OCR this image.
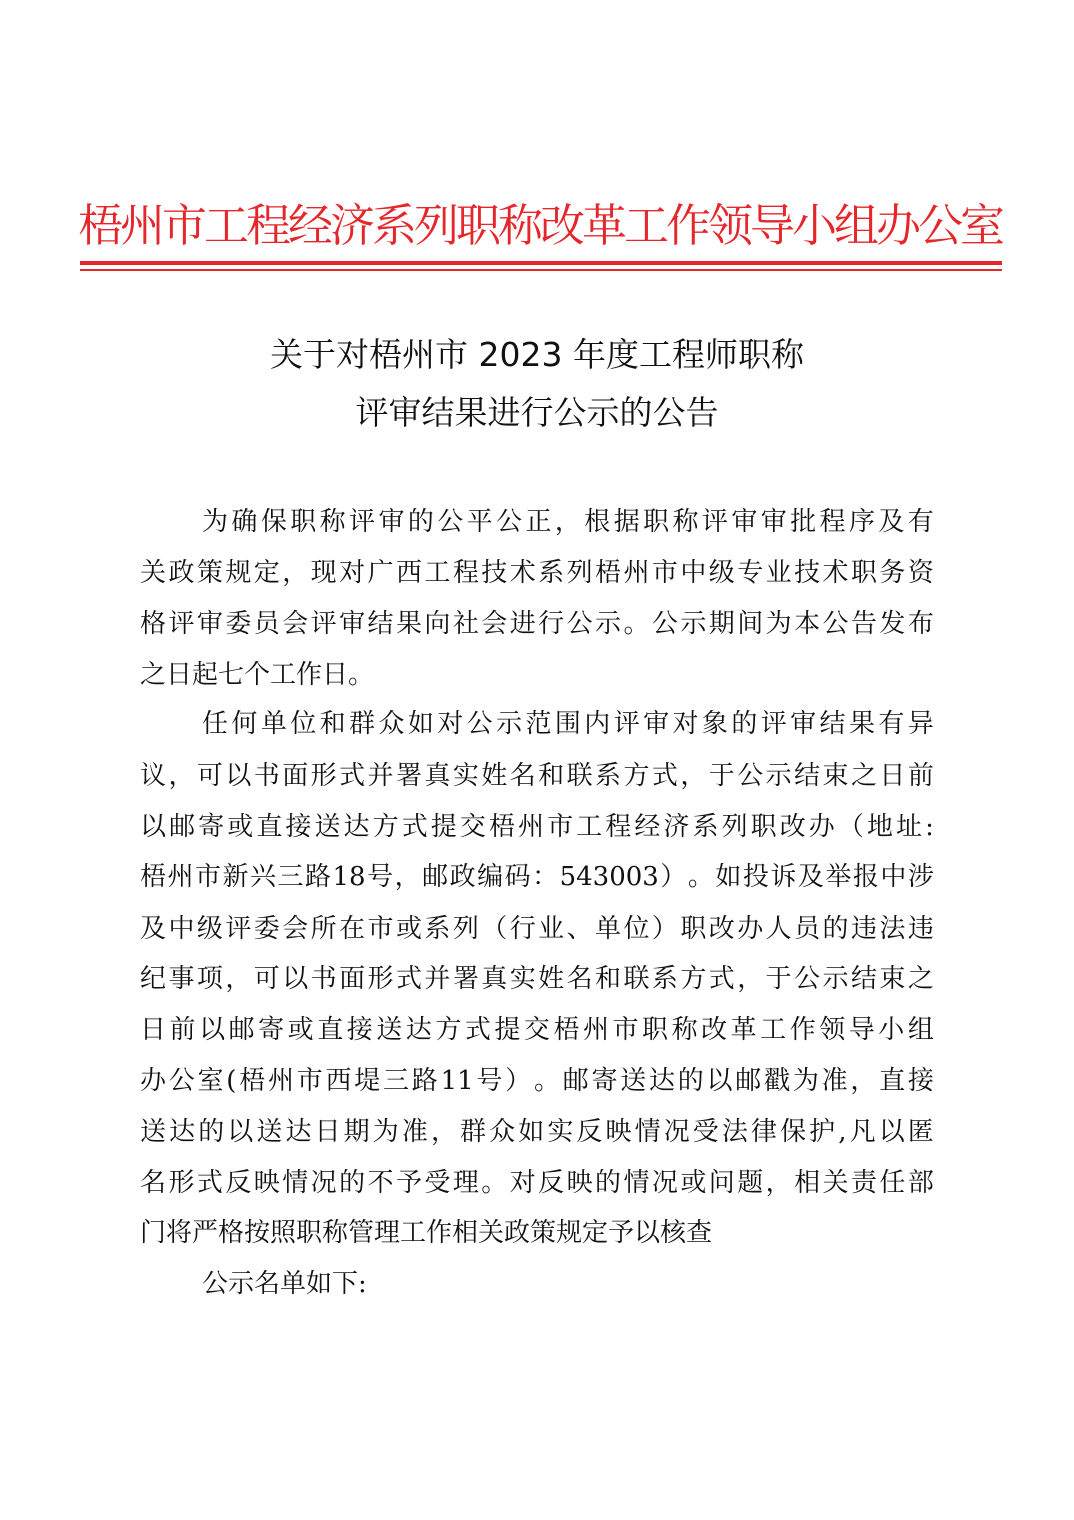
梧州市工程经济系列职称改革工作领导小组办公室
关于对梧州市 2023 年度工程师职称
评审结果进行公示的公告
为 确 保 职 称 评 审 的 公 平 公 正 ， 根 据 职 称 评 审 审 批 程 序 及 有
关 政 策 规 定 ， 现 对 广 西 工 程 技 术 系 列 梧 州 市 中 级 专 业 技 术 职 务 资
格 评 审 委 员 会 评 审 结 果 向 社 会 进 行 公 示 。 公 示 期 间 为 本 公 告 发 布
之日起七个工作日。
任 何 单 位 和 群 众 如 对 公 示 范 围 内 评 审 对 象 的 评 审 结 果 有 异
议 ， 可 以 书 面 形 式 并 署 真 实 姓 名 和 联 系 方 式 ， 于 公 示 结 束 之 日 前
以 邮 寄 或 直 接 送 达 方 式 提 交 梧 州 市 工 程 经 济 系 列 职 改 办 （ 地 址 :
梧 州 市 新 兴 三 路 18 号 ， 邮 政 编 码 ： 543003 ） 。 如 投 诉 及 举 报 中 涉
及 中 级 评 委 会 所 在 市 或 系 列 （ 行 业 、 单 位 ） 职 改 办 人 员 的 违 法 违
纪 事 项 ， 可 以 书 面 形 式 并 署 真 实 姓 名 和 联 系 方 式 ， 于 公 示 结 束 之
日 前 以 邮 寄 或 直 接 送 达 方 式 提 交 梧 州 市 职 称 改 革 工 作 领 导 小 组
办 公 室 ( 梧 州 市 西 堤 三 路 11 号 ） 。 邮 寄 送 达 的 以 邮 戳 为 准 ， 直 接
送 达 的 以 送 达 日 期 为 准 ， 群 众 如 实 反 映 情 况 受 法 律 保 护 , 凡 以 匿
名 形 式 反 映 情 况 的 不 予 受 理 。 对 反 映 的 情 况 或 问 题 ， 相 关 责 任 部
门将严格按照职称管理工作相关政策规定予以核查
公示名单如下:
